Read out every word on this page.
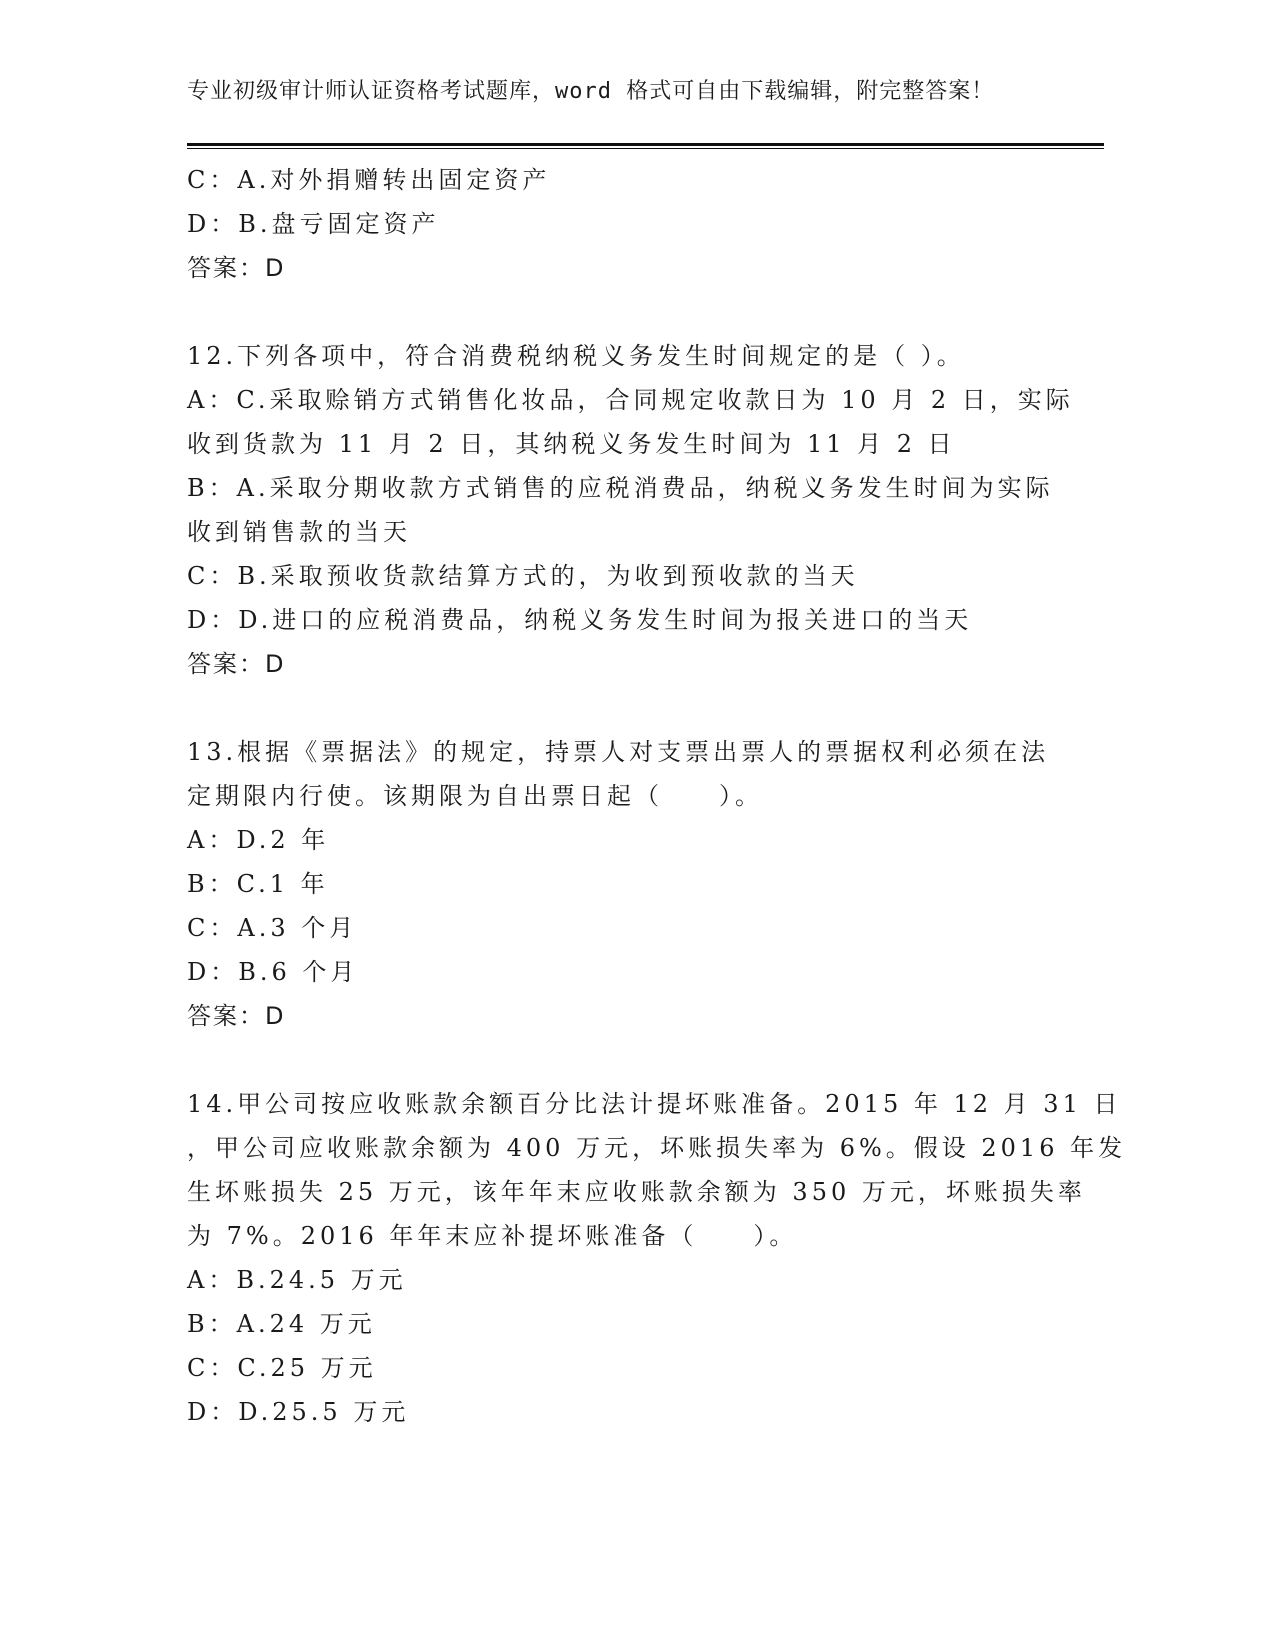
专业初级审计师认证资格考试题库，word 格式可自由下载编辑，附完整答案！
C：A.对外捐赠转出固定资产
D：B.盘亏固定资产
答案：D
12.下列各项中，符合消费税纳税义务发生时间规定的是（ ）。
A：C.采取赊销方式销售化妆品，合同规定收款日为 10 月 2 日，实际
收到货款为 11 月 2 日，其纳税义务发生时间为 11 月 2 日
B：A.采取分期收款方式销售的应税消费品，纳税义务发生时间为实际
收到销售款的当天
C：B.采取预收货款结算方式的，为收到预收款的当天
D：D.进口的应税消费品，纳税义务发生时间为报关进口的当天
答案：D
13.根据《票据法》的规定，持票人对支票出票人的票据权利必须在法
定期限内行使。该期限为自出票日起（　　）。
A：D.2 年
B：C.1 年
C：A.3 个月
D：B.6 个月
答案：D
14.甲公司按应收账款余额百分比法计提坏账准备。2015 年 12 月 31 日
，甲公司应收账款余额为 400 万元，坏账损失率为 6%。假设 2016 年发
生坏账损失 25 万元，该年年末应收账款余额为 350 万元，坏账损失率
为 7%。2016 年年末应补提坏账准备（　　）。
A：B.24.5 万元
B：A.24 万元
C：C.25 万元
D：D.25.5 万元
